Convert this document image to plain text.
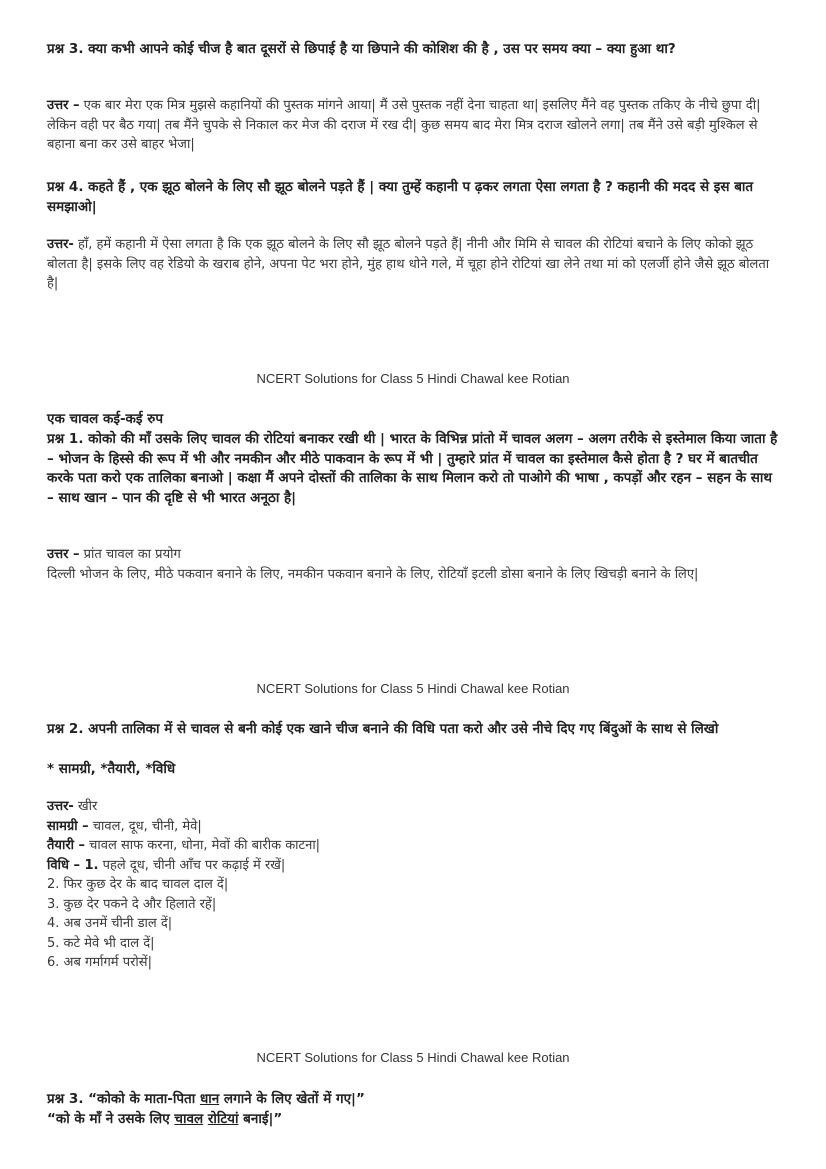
प्रश्न 3. क्या कभी आपने कोई चीज है बात दूसरों से छिपाई है या छिपाने की कोशिश की है , उस पर समय क्या – क्या हुआ था?
उत्तर – एक बार मेरा एक मित्र मुझसे कहानियों की पुस्तक मांगने आया| मैं उसे पुस्तक नहीं देना चाहता था| इसलिए मैंने वह पुस्तक तकिए के नीचे छुपा दी| लेकिन वही पर बैठ गया| तब मैंने चुपके से निकाल कर मेज की दराज में रख दी| कुछ समय बाद मेरा मित्र दराज खोलने लगा| तब मैंने उसे बड़ी मुश्किल से बहाना बना कर उसे बाहर भेजा|
प्रश्न 4. कहते हैं , एक झूठ बोलने के लिए सौ झूठ बोलने पड़ते हैं | क्या तुम्हें कहानी प ढ़कर लगता ऐसा लगता है ? कहानी की मदद से इस बात समझाओ|
उत्तर- हाँ, हमें कहानी में ऐसा लगता है कि एक झूठ बोलने के लिए सौ झूठ बोलने पड़ते हैं| नीनी और मिमि से चावल की रोटियां बचाने के लिए कोको झूठ बोलता है| इसके लिए वह रेडियो के खराब होने, अपना पेट भरा होने, मुंह हाथ धोने गले, में चूहा होने रोटियां खा लेने तथा मां को एलर्जी होने जैसे झूठ बोलता है|
NCERT Solutions for Class 5 Hindi Chawal kee Rotian
एक चावल कई-कई रुप
प्रश्न 1. कोको की माँ उसके लिए चावल की रोटियां बनाकर रखी थी | भारत के विभिन्न प्रांतो में चावल अलग – अलग तरीके से इस्तेमाल किया जाता है – भोजन के हिस्से की रूप में भी और नमकीन और मीठे पाकवान के रूप में भी | तुम्हारे प्रांत में चावल का इस्तेमाल कैसे होता है ? घर में बातचीत करके पता करो एक तालिका बनाओ | कक्षा मैं अपने दोस्तों की तालिका के साथ मिलान करो तो पाओगे की भाषा , कपड़ों और रहन – सहन के साथ – साथ खान – पान की दृष्टि से भी भारत अनूठा है|
उत्तर – प्रांत चावल का प्रयोग
दिल्ली भोजन के लिए, मीठे पकवान बनाने के लिए, नमकीन पकवान बनाने के लिए, रोटियाँ इटली डोसा बनाने के लिए खिचड़ी बनाने के लिए|
NCERT Solutions for Class 5 Hindi Chawal kee Rotian
प्रश्न 2. अपनी तालिका में से चावल से बनी कोई एक खाने चीज बनाने की विधि पता करो और उसे नीचे दिए गए बिंदुओं के साथ से लिखो
* सामग्री, *तैयारी, *विधि
उत्तर- खीर
सामग्री – चावल, दूध, चीनी, मेवे|
तैयारी – चावल साफ करना, धोना, मेवों की बारीक काटना|
विधि – 1. पहले दूध, चीनी आँच पर कढ़ाई में रखें|
2. फिर कुछ देर के बाद चावल दाल दें|
3. कुछ देर पकने दे और हिलाते रहें|
4. अब उनमें चीनी डाल दें|
5. कटे मेवे भी दाल दें|
6. अब गर्मागर्म परोसें|
NCERT Solutions for Class 5 Hindi Chawal kee Rotian
प्रश्न 3. “कोको के माता-पिता धान लगाने के लिए खेतों में गए|”
“को के माँ ने उसके लिए चावल रोटियां बनाई|”
